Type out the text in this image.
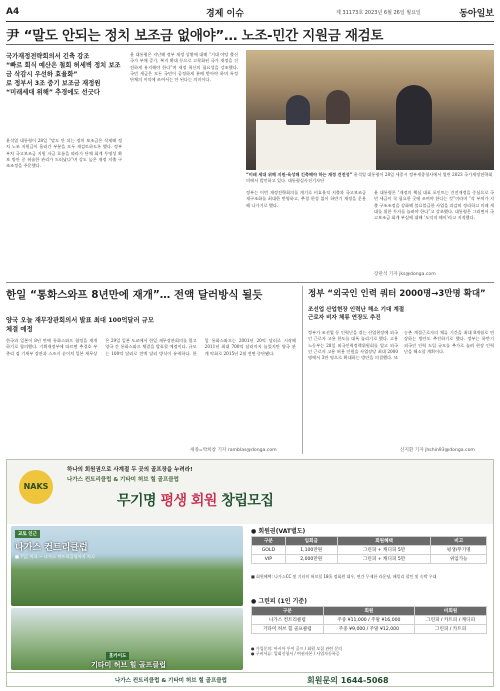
A4	경제 이슈	제 31173호 2023년 6월 26일 월요일	동아일보
尹 “말도 안되는 정치 보조금 없애야”… 노조-민간 지원금 재검토
국가재정전략회의서 긴축 강조
“빠르 회식 예산은 철회 허세벽 정치 보조금 삭감시 우선하 효율화”
로 정부서 3조 중기 보조금 재정원
“미래세대 위해” 추경에도 선긋다
윤석열 대통령이 28일 “말도 안 되는 정치 보조금은 삭제해 정치 노조 지원금이 흘러간 부분을 모두 재검토하도록 했다. 정부 부처 국고보조금 지원 자금 흐름을 따라가 단체 회계 투명성 확보 방안 중 허술한 관리가 드러났다”며 강도 높은 재정 지출 구조조정을 주문했다.
윤 대통령은 지난해 정부 재정 상황에 대해 “거대 야당 출신 국가 부채 증가, 복지 확대 등으로 고착화된 국가 재정을 건전하게 유지해야 한다”며 재정 혁신의 필요성을 강조했다. 국민 세금은 모든 국민이 공정하게 분배 받아야 하며 특정 단체의 이익에 쓰여서는 안 된다는 의미이다.
“미래 세대 위해 지원-육성해 긴축해야 하는 재정 건전성” 윤석열 대통령이 28일 세종시 정부세종청사에서 열린 2023 국가재정전략회의에서 발언하고 있다. 대통령실사진기자단
정부는 이번 재정전략회의를 계기로 비효율적 지출과 국고보조금 재구조화를 최대한 반영하고, 추경 편성 없이 하반기 재정을 운용해 나가기로 했다.
윤 대통령은 “재정의 핵심 대표 포인트는 건전재정을 중심으로 국민 세금이 꼭 필요한 곳에 쓰여야 한다는 것”이라며 “각 부처가 지출 구조조정을 강화해 불요불급한 사업을 과감히 정리하고 미래 세대를 위한 투자를 늘려야 한다”고 강조했다. 대통령은 그러면서 국고보조금 회계 부실에 대해 ‘도덕적 해이’라고 지적했다.
장관석 기자 jks@donga.com
한일 “통화스와프 8년만에 재개”… 전액 달러방식 될듯
양국 오늘 재무장관회의서 발표 최대 100억달러 규모 체결 예정
한국과 일본이 8년 만에 통화스와프 협정을 재개하기로 합의했다. 기획재정부에 따르면 추경호 부총리 겸 기재부 장관과 스즈키 슌이치 일본 재무상은 29일 일본 도쿄에서 한일 재무장관회의를 열고 양국 간 통화스와프 체결을 발표할 예정이다. 규모는 100억 달러로 전액 달러 방식이 유력하다. 한일 통화스와프는 2001년 20억 달러로 시작해 2011년 최대 700억 달러까지 늘었지만 양국 관계 악화로 2015년 2월 전면 중단됐다.
세종=박희창 기자 ramblas@donga.com
정부 “외국인 인력 쿼터 2000명→3만명 확대”
조선업 산업현장 인력난 해소 기대 계절근로자 비자 체류 연장도 추진
정부가 조선업 등 인력난을 겪는 산업현장에 외국인 근로자 고용 한도를 대폭 늘리기로 했다. 고용노동부는 28일 외국인력정책위원회를 열고 외국인 근로자 고용 허용 인원을 사업장당 최대 2000명에서 3만 명으로 확대하는 방안을 의결했다. 또 농촌 계절근로자의 체류 기간을 최대 8개월로 연장하는 방안도 추진하기로 했다. 정부는 하반기 외국인 인력 도입 규모를 추가로 늘려 현장 인력난을 해소할 계획이다.
신지환 기자 jhshin93@donga.com
NAKS
하나의 회원권으로 사계절 두 곳의 골프장을 누려라!
나가스 컨트리클럽 & 기타미 허브 힐 골프클럽
무기명 평생 회원 창립모집
교토 인근
나가스 컨트리클럽
■ 7일, 치료 ~ 나가스 컨트리클럽까지 차로
홋카이도
기타미 허브 힐 골프클럽
● 회원권(VAT별도)
구분	입회금	회원혜택	비고
GOLD	1,100만원	그린피 + 캐디피 5만	평생/무기명
VIP	2,000만원	그린피 + 캐디피 5만	위임가능
■ 회원혜택: 나가스CC 및 기타미 허브힐 18홀 정회원 대우, 연간 무제한 라운딩, 패밀리 할인 및 숙박 우대
● 그린피 (1인 기준)
구분	회원	비회원
나가스 컨트리클럽	주중 ¥11,000 / 주말 ¥16,000	그린피 / 카트피 / 캐디피
기타미 허브 힐 골프클럽	주중 ¥9,000 / 주말 ¥12,000	그린피 / 카트피
● 가입문의: 아시아 투어 골프 / 회원 모집 관련 문의
● 구비서류: 입회신청서 / 여권사본 / 사업자등록증
나가스 컨트리클럽 & 기타미 허브 힐 골프클럽	회원문의 1644-5068
